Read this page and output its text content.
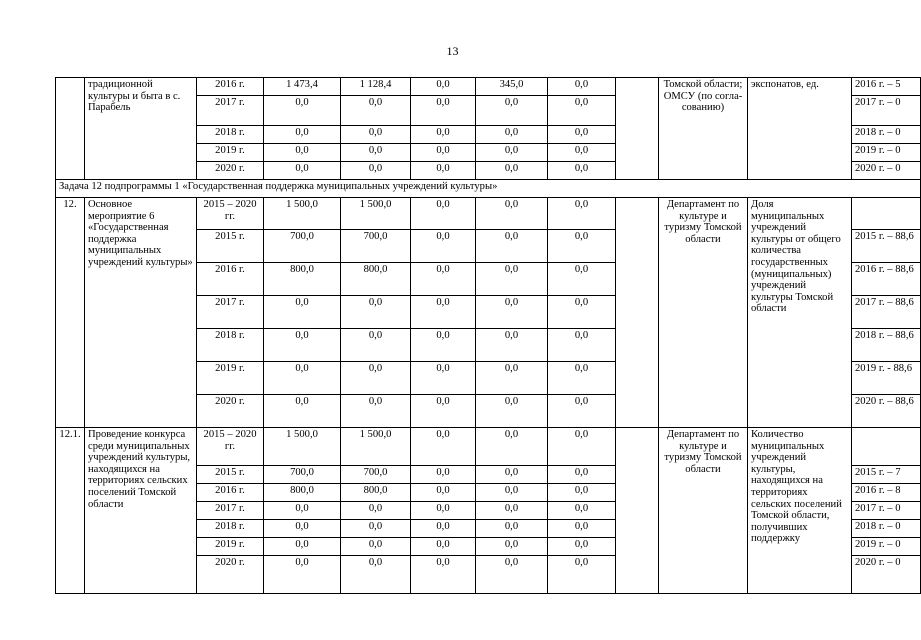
13
	традиционной культуры и быта в с. Парабель	2016 г.	1 473,4	1 128,4	0,0	345,0	0,0		Томской области; ОМСУ (по согла-сованию)	экспонатов, ед.	2016 г. – 5
		2017 г.	0,0	0,0	0,0	0,0	0,0				2017 г. – 0
		2018 г.	0,0	0,0	0,0	0,0	0,0				2018 г. – 0
		2019 г.	0,0	0,0	0,0	0,0	0,0				2019 г. – 0
		2020 г.	0,0	0,0	0,0	0,0	0,0				2020 г. – 0
Задача 12 подпрограммы 1 «Государственная поддержка муниципальных учреждений культуры»											
12.	Основное мероприятие 6 «Государственная поддержка муниципальных учреждений культуры»	2015 – 2020 гг.	1 500,0	1 500,0	0,0	0,0	0,0		Департамент по культуре и туризму Томской области	Доля муниципальных учреждений культуры от общего количества государственных (муниципальных) учреждений культуры Томской области	
		2015 г.	700,0	700,0	0,0	0,0	0,0				2015 г. – 88,6
		2016 г.	800,0	800,0	0,0	0,0	0,0				2016 г. – 88,6
		2017 г.	0,0	0,0	0,0	0,0	0,0				2017 г. – 88,6
		2018 г.	0,0	0,0	0,0	0,0	0,0				2018 г. – 88,6
		2019 г.	0,0	0,0	0,0	0,0	0,0				2019 г. - 88,6
		2020 г.	0,0	0,0	0,0	0,0	0,0				2020 г. – 88,6
12.1.	Проведение конкурса среди муниципальных учреждений культуры, находящихся на территориях сельских поселений Томской области	2015 – 2020 гг.	1 500,0	1 500,0	0,0	0,0	0,0		Департамент по культуре и туризму Томской области	Количество муниципальных учреждений культуры, находящихся на территориях сельских поселений Томской области, получивших поддержку	
		2015 г.	700,0	700,0	0,0	0,0	0,0				2015 г. – 7
		2016 г.	800,0	800,0	0,0	0,0	0,0				2016 г. – 8
		2017 г.	0,0	0,0	0,0	0,0	0,0				2017 г. – 0
		2018 г.	0,0	0,0	0,0	0,0	0,0				2018 г. – 0
		2019 г.	0,0	0,0	0,0	0,0	0,0				2019 г. – 0
		2020 г.	0,0	0,0	0,0	0,0	0,0				2020 г. – 0
